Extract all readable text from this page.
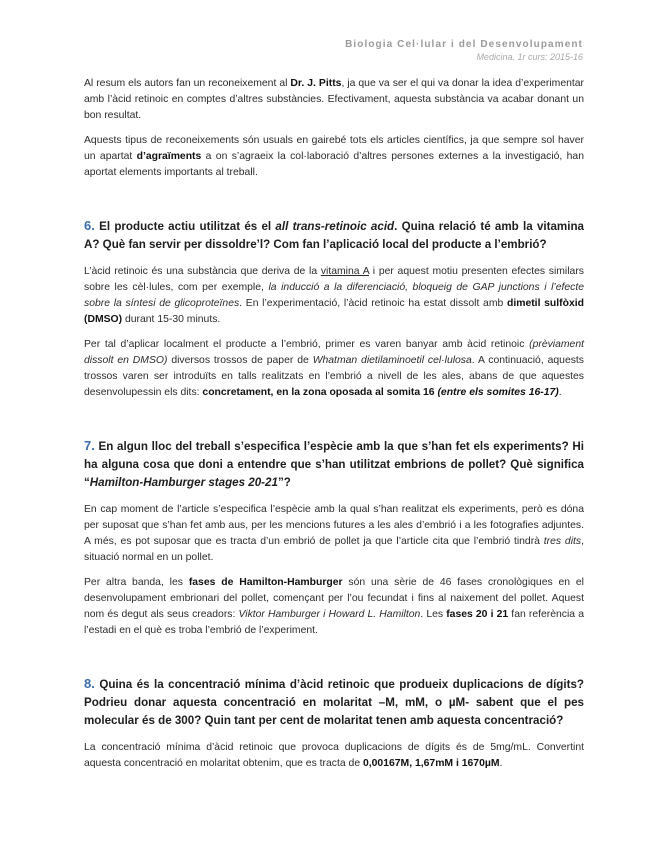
Biologia Cel·lular i del Desenvolupament
Medicina. 1r curs: 2015-16

Al resum els autors fan un reconeixement al Dr. J. Pitts, ja que va ser el qui va donar la idea d’experimentar amb l’àcid retinoic en comptes d’altres substàncies. Efectivament, aquesta substància va acabar donant un bon resultat.

Aquests tipus de reconeixements són usuals en gairebé tots els articles científics, ja que sempre sol haver un apartat d’agraïments a on s’agraeix la col·laboració d’altres persones externes a la investigació, han aportat elements importants al treball.

6. El producte actiu utilitzat és el all trans-retinoic acid. Quina relació té amb la vitamina A? Què fan servir per dissoldre’l? Com fan l’aplicació local del producte a l’embrió?

L’àcid retinoic és una substància que deriva de la vitamina A i per aquest motiu presenten efectes similars sobre les cèl·lules, com per exemple, la inducció a la diferenciació, bloqueig de GAP junctions i l’efecte sobre la síntesi de glicoproteïnes. En l’experimentació, l’àcid retinoic ha estat dissolt amb dimetil sulfòxid (DMSO) durant 15-30 minuts.

Per tal d’aplicar localment el producte a l’embrió, primer es varen banyar amb àcid retinoic (prèviament dissolt en DMSO) diversos trossos de paper de Whatman dietilaminoetil cel·lulosa. A continuació, aquests trossos varen ser introduïts en talls realitzats en l’embrió a nivell de les ales, abans de que aquestes desenvolupessin els dits: concretament, en la zona oposada al somita 16 (entre els somites 16-17).

7. En algun lloc del treball s’especifica l’espècie amb la que s’han fet els experiments? Hi ha alguna cosa que doni a entendre que s’han utilitzat embrions de pollet? Què significa “Hamilton-Hamburger stages 20-21”?

En cap moment de l’article s’especifica l’espècie amb la qual s’han realitzat els experiments, però es dóna per suposat que s’han fet amb aus, per les mencions futures a les ales d’embrió i a les fotografies adjuntes. A més, es pot suposar que es tracta d’un embrió de pollet ja que l’article cita que l’embrió tindrà tres dits, situació normal en un pollet.

Per altra banda, les fases de Hamilton-Hamburger són una sèrie de 46 fases cronològiques en el desenvolupament embrionari del pollet, començant per l’ou fecundat i fins al naixement del pollet. Aquest nom és degut als seus creadors: Viktor Hamburger i Howard L. Hamilton. Les fases 20 i 21 fan referència a l’estadi en el què es troba l’embrió de l’experiment.

8. Quina és la concentració mínima d’àcid retinoic que produeix duplicacions de dígits? Podrieu donar aquesta concentració en molaritat –M, mM, o µM- sabent que el pes molecular és de 300? Quin tant per cent de molaritat tenen amb aquesta concentració?

La concentració mínima d’àcid retinoic que provoca duplicacions de dígits és de 5mg/mL. Convertint aquesta concentració en molaritat obtenim, que es tracta de 0,00167M, 1,67mM i 1670µM.
